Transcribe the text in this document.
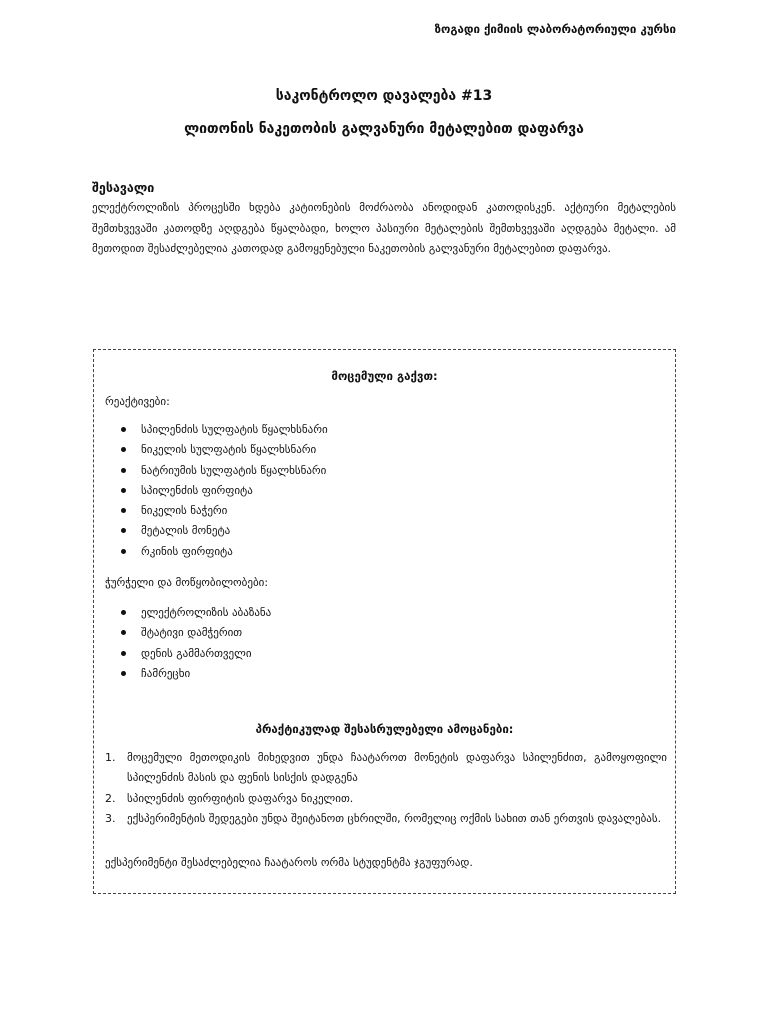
ზოგადი ქიმიის ლაბორატორიული კურსი
საკონტროლო დავალება #13
ლითონის ნაკეთობის გალვანური მეტალებით დაფარვა
შესავალი

ელექტროლიზის პროცესში ხდება კატიონების მოძრაობა ანოდიდან კათოდისკენ. აქტიური მეტალების შემთხვევაში კათოდზე აღდგება წყალბადი, ხოლო პასიური მეტალების შემთხვევაში აღდგება მეტალი. ამ მეთოდით შესაძლებელია კათოდად გამოყენებული ნაკეთობის გალვანური მეტალებით დაფარვა.

მოცემული გაქვთ:
რეაქტივები:
სპილენძის სულფატის წყალხსნარი
ნიკელის სულფატის წყალხსნარი
ნატრიუმის სულფატის წყალხსნარი
სპილენძის ფირფიტა
ნიკელის ნაჭერი
მეტალის მონეტა
რკინის ფირფიტა
ჭურჭელი და მოწყობილობები:
ელექტროლიზის აბაზანა
შტატივი დამჭერით
დენის გამმართველი
ჩამრეცხი
პრაქტიკულად შესასრულებელი ამოცანები:
1. მოცემული მეთოდიკის მიხედვით უნდა ჩაატაროთ მონეტის დაფარვა სპილენძით, გამოყოფილი სპილენძის მასის და ფენის სისქის დადგენა
2. სპილენძის ფირფიტის დაფარვა ნიკელით.
3. ექსპერიმენტის შედეგები უნდა შეიტანოთ ცხრილში, რომელიც ოქმის სახით თან ერთვის დავალებას.
ექსპერიმენტი შესაძლებელია ჩაატაროს ორმა სტუდენტმა ჯგუფურად.
